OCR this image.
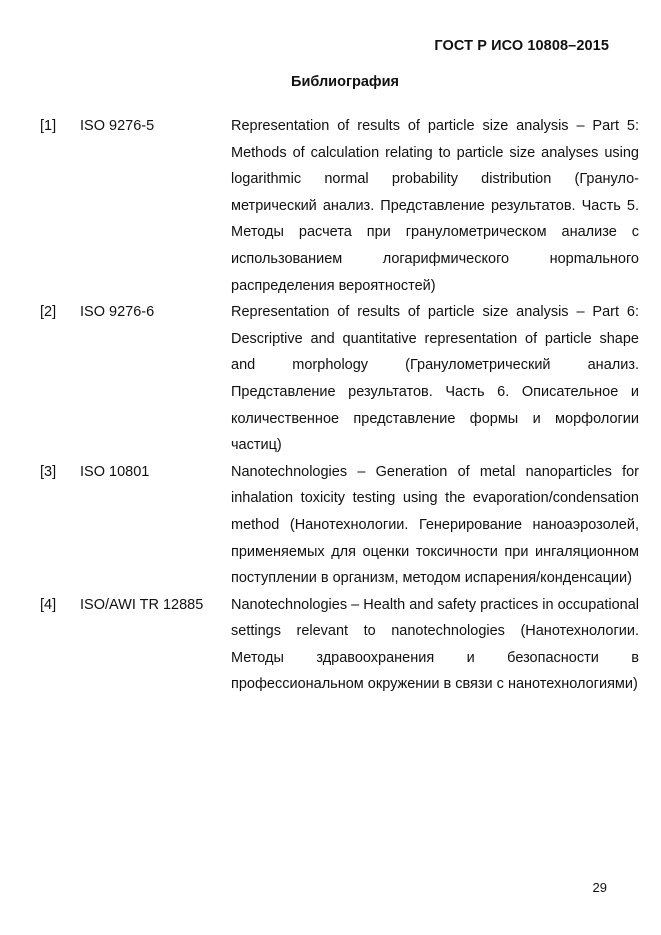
ГОСТ Р ИСО 10808–2015
Библиография
[1]	ISO 9276-5	Representation of results of particle size analysis – Part 5: Methods of calculation relating to particle size analyses using logarithmic normal probability distribution (Гранулометрический анализ. Представление результатов. Часть 5. Методы расчета при гранулометрическом анализе с использованием логарифмического норmального распределения вероятностей)
[2]	ISO 9276-6	Representation of results of particle size analysis – Part 6: Descriptive and quantitative representation of particle shape and morphology (Гранулометрический анализ. Представление результатов. Часть 6. Описательное и количественное представление формы и морфологии частиц)
[3]	ISO 10801	Nanotechnologies – Generation of metal nanoparticles for inhalation toxicity testing using the evaporation/condensation method (Нанотехнологии. Генерирование наноаэрозолей, применяемых для оценки токсичности при ингаляционном поступлении в организм, методом испарения/конденсации)
[4]	ISO/AWI TR 12885	Nanotechnologies – Health and safety practices in occupational settings relevant to nanotechnologies (Нанотехнологии. Методы здравоохранения и безопасности в профессиональном окружении в связи с нанотехнологиями)
29
